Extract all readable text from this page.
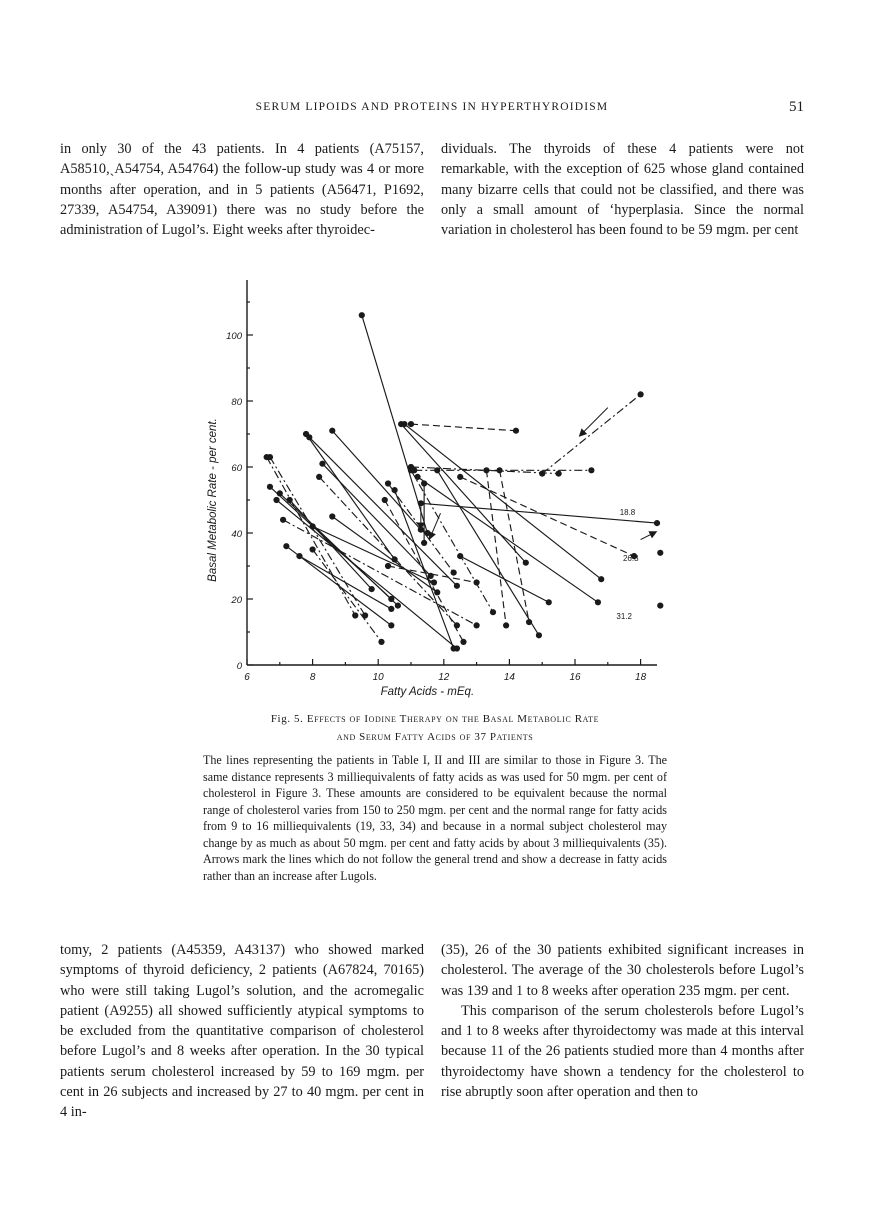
SERUM LIPOIDS AND PROTEINS IN HYPERTHYROIDISM	51

in only 30 of the 43 patients. In 4 patients (A75157, A58510,ˏA54754, A54764) the follow-up study was 4 or more months after operation, and in 5 patients (A56471, P1692, 27339, A54754, A39091) there was no study before the administration of Lugol’s. Eight weeks after thyroidec-

dividuals. The thyroids of these 4 patients were not remarkable, with the exception of 625 whose gland contained many bizarre cells that could not be classified, and there was only a small amount of ʻhyperplasia. Since the normal variation in cholesterol has been found to be 59 mgm. per cent

6	8	10	12	14	16	18
0
20
40
60
80
100
Fatty Acids - mEq.
Basal Metabolic Rate - per cent.	18.8
26.3
31.2
Fig. 5. Effects of Iodine Therapy on the Basal Metabolic Rate
and Serum Fatty Acids of 37 Patients

The lines representing the patients in Table I, II and III are similar to those in Figure 3. The same distance represents 3 milliequivalents of fatty acids as was used for 50 mgm. per cent of cholesterol in Figure 3. These amounts are considered to be equivalent because the normal range of cholesterol varies from 150 to 250 mgm. per cent and the normal range for fatty acids from 9 to 16 milliequivalents (19, 33, 34) and because in a normal subject cholesterol may change by as much as about 50 mgm. per cent and fatty acids by about 3 milliequivalents (35). Arrows mark the lines which do not follow the general trend and show a decrease in fatty acids rather than an increase after Lugols.

tomy, 2 patients (A45359, A43137) who showed marked symptoms of thyroid deficiency, 2 patients (A67824, 70165) who were still taking Lugol’s solution, and the acromegalic patient (A9255) all showed sufficiently atypical symptoms to be excluded from the quantitative comparison of cholesterol before Lugol’s and 8 weeks after operation. In the 30 typical patients serum cholesterol increased by 59 to 169 mgm. per cent in 26 subjects and increased by 27 to 40 mgm. per cent in 4 in-

(35), 26 of the 30 patients exhibited significant increases in cholesterol. The average of the 30 cholesterols before Lugol’s was 139 and 1 to 8 weeks after operation 235 mgm. per cent.

This comparison of the serum cholesterols before Lugol’s and 1 to 8 weeks after thyroidectomy was made at this interval because 11 of the 26 patients studied more than 4 months after thyroidectomy have shown a tendency for the cholesterol to rise abruptly soon after operation and then to
